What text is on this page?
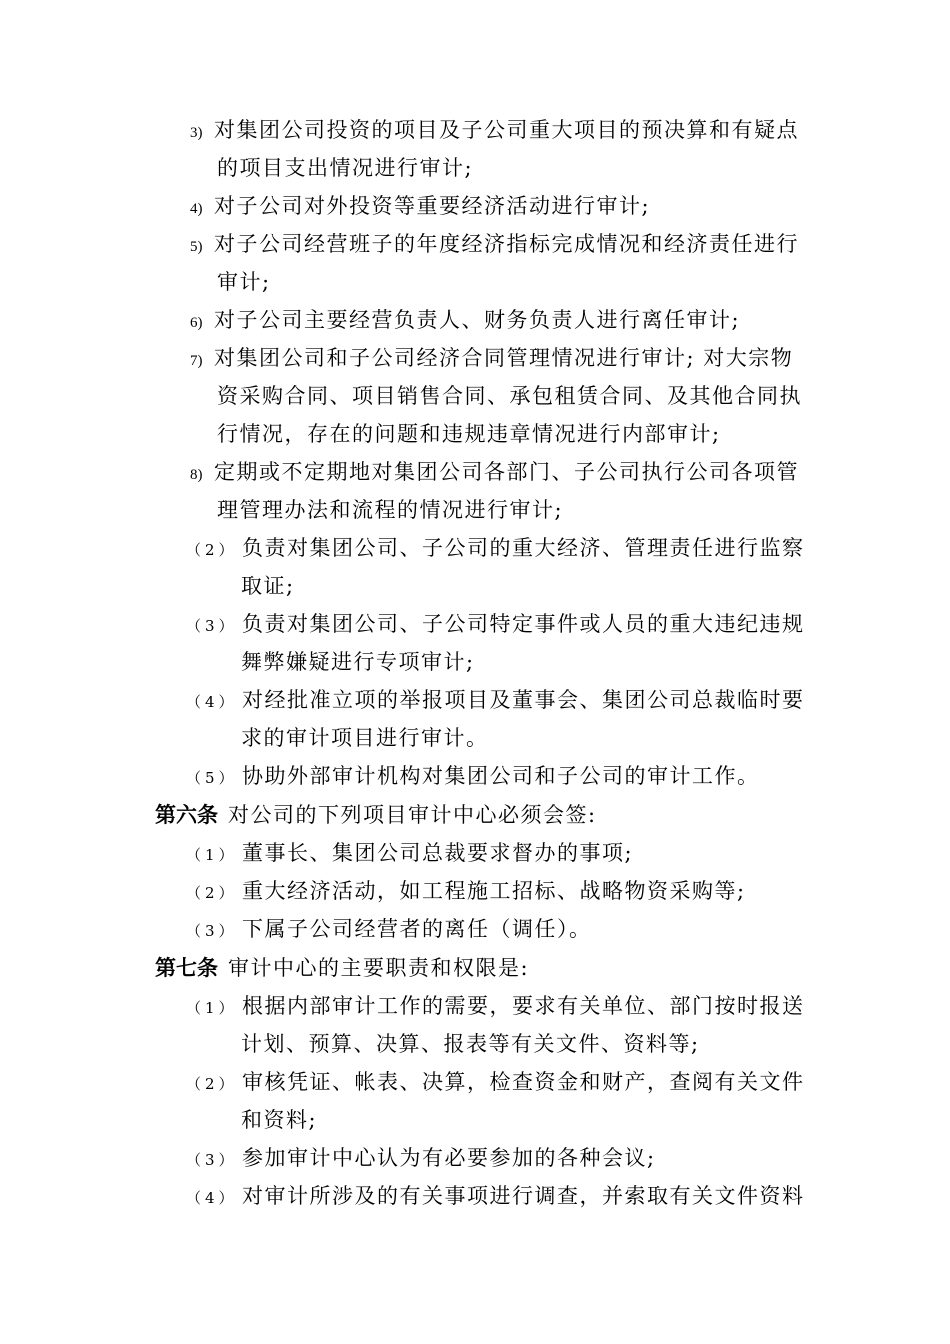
3) 对集团公司投资的项目及子公司重大项目的预决算和有疑点
的项目支出情况进行审计;
4) 对子公司对外投资等重要经济活动进行审计;
5) 对子公司经营班子的年度经济指标完成情况和经济责任进行
审计;
6) 对子公司主要经营负责人、财务负责人进行离任审计;
7) 对集团公司和子公司经济合同管理情况进行审计; 对大宗物
资采购合同、项目销售合同、承包租赁合同、及其他合同执
行情况，存在的问题和违规违章情况进行内部审计;
8) 定期或不定期地对集团公司各部门、子公司执行公司各项管
理管理办法和流程的情况进行审计;
（2） 负责对集团公司、子公司的重大经济、管理责任进行监察
取证;
（3） 负责对集团公司、子公司特定事件或人员的重大违纪违规
舞弊嫌疑进行专项审计;
（4） 对经批准立项的举报项目及董事会、集团公司总裁临时要
求的审计项目进行审计。
（5） 协助外部审计机构对集团公司和子公司的审计工作。
第六条 对公司的下列项目审计中心必须会签:
（1） 董事长、集团公司总裁要求督办的事项;
（2） 重大经济活动，如工程施工招标、战略物资采购等;
（3） 下属子公司经营者的离任（调任）。
第七条 审计中心的主要职责和权限是:
（1） 根据内部审计工作的需要，要求有关单位、部门按时报送
计划、预算、决算、报表等有关文件、资料等;
（2） 审核凭证、帐表、决算，检查资金和财产，查阅有关文件
和资料;
（3） 参加审计中心认为有必要参加的各种会议;
（4） 对审计所涉及的有关事项进行调查，并索取有关文件资料
